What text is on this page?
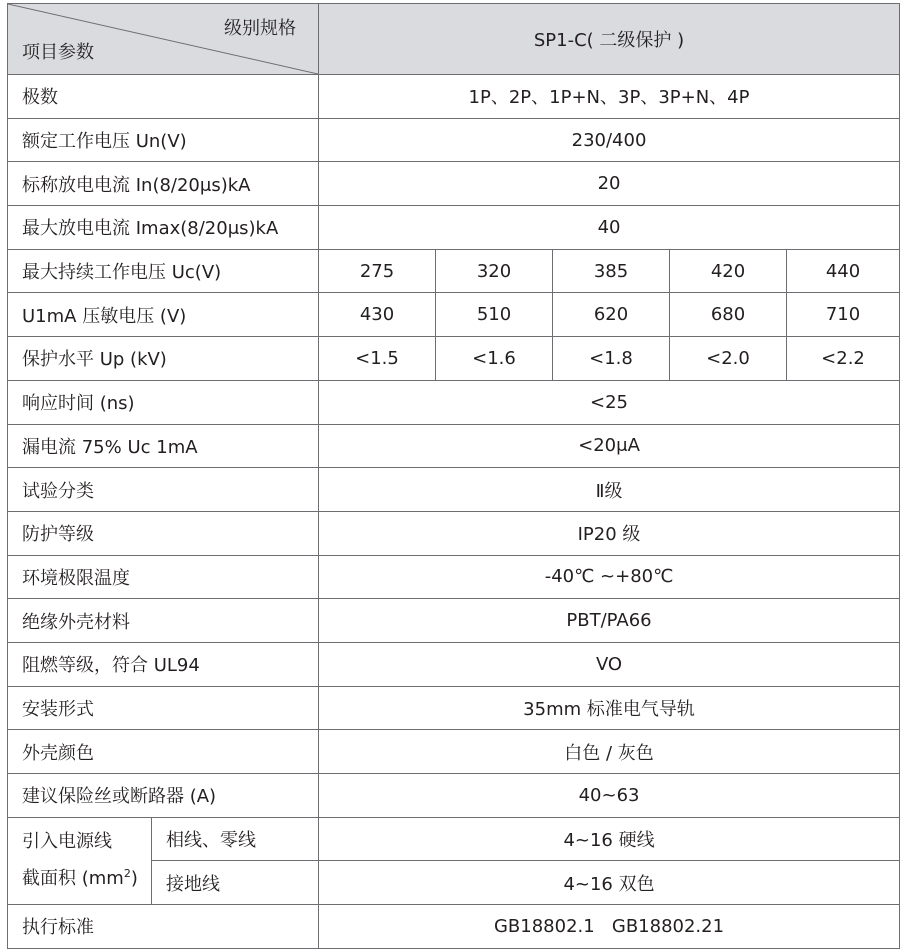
级别规格
项目参数		SP1-C( 二级保护 )				
极数		1P、2P、1P+N、3P、3P+N、4P				
额定工作电压 Un(V)		230/400				
标称放电电流 In(8/20μs)kA		20				
最大放电电流 Imax(8/20μs)kA		40				
最大持续工作电压 Uc(V)		275	320	385	420	440
U1mA 压敏电压 (V)		430	510	620	680	710
保护水平 Up (kV)		<1.5	<1.6	<1.8	<2.0	<2.2
响应时间 (ns)		<25				
漏电流 75% Uc 1mA		<20μA				
试验分类		Ⅱ级				
防护等级		IP20 级				
环境极限温度		-40℃ ~+80℃				
绝缘外壳材料		PBT/PA66				
阻燃等级，符合 UL94		VO				
安装形式		35mm 标准电气导轨				
外壳颜色		白色 / 灰色				
建议保险丝或断路器 (A)		40~63				
引入电源线
截面积 $(mm^2)$	相线、零线	4~16 硬线				
	接地线	4~16 双色				
执行标准		GB18802.1   GB18802.21				
